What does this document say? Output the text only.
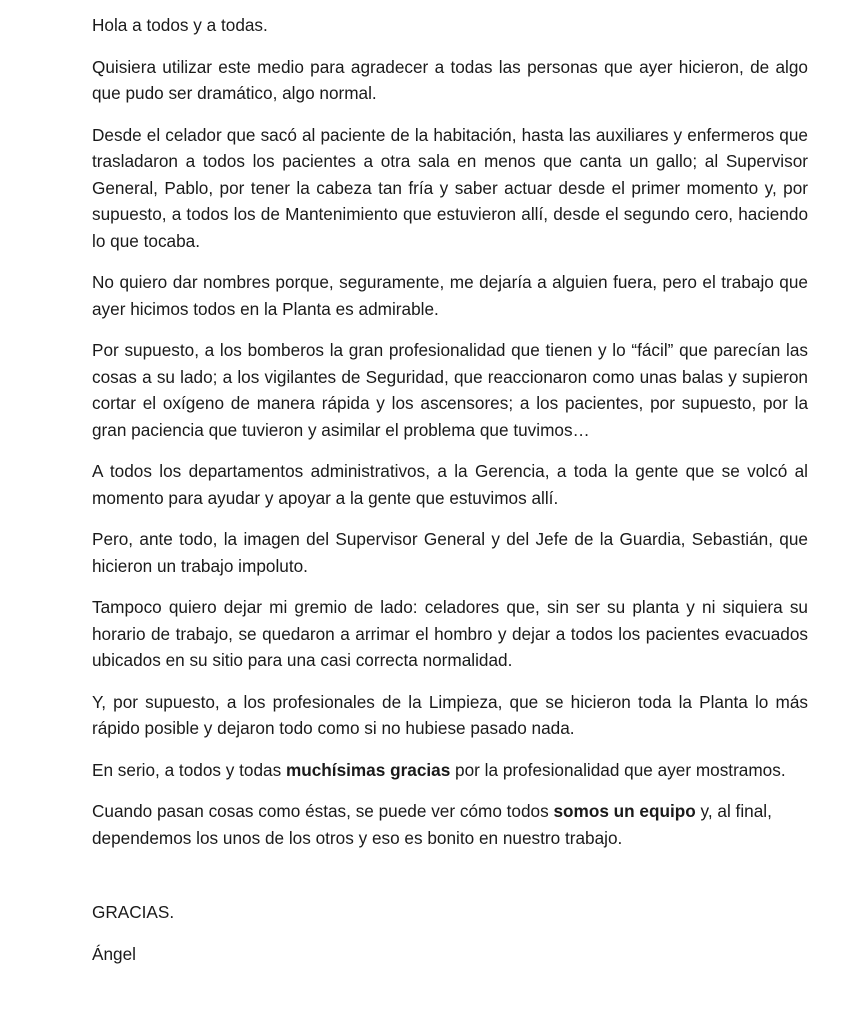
Hola a todos y a todas.

Quisiera utilizar este medio para agradecer a todas las personas que ayer hicieron, de algo que pudo ser dramático, algo normal.

Desde el celador que sacó al paciente de la habitación, hasta las auxiliares y enfermeros que trasladaron a todos los pacientes a otra sala en menos que canta un gallo; al Supervisor General, Pablo, por tener la cabeza tan fría y saber actuar desde el primer momento y, por supuesto, a todos los de Mantenimiento que estuvieron allí, desde el segundo cero, haciendo lo que tocaba.

No quiero dar nombres porque, seguramente, me dejaría a alguien fuera, pero el trabajo que ayer hicimos todos en la Planta es admirable.

Por supuesto, a los bomberos la gran profesionalidad que tienen y lo “fácil” que parecían las cosas a su lado; a los vigilantes de Seguridad, que reaccionaron como unas balas y supieron cortar el oxígeno de manera rápida y los ascensores; a los pacientes, por supuesto, por la gran paciencia que tuvieron y asimilar el problema que tuvimos…

A todos los departamentos administrativos, a la Gerencia, a toda la gente que se volcó al momento para ayudar y apoyar a la gente que estuvimos allí.

Pero, ante todo, la imagen del Supervisor General y del Jefe de la Guardia, Sebastián, que hicieron un trabajo impoluto.

Tampoco quiero dejar mi gremio de lado: celadores que, sin ser su planta y ni siquiera su horario de trabajo, se quedaron a arrimar el hombro y dejar a todos los pacientes evacuados ubicados en su sitio para una casi correcta normalidad.

Y, por supuesto, a los profesionales de la Limpieza, que se hicieron toda la Planta lo más rápido posible y dejaron todo como si no hubiese pasado nada.

En serio, a todos y todas muchísimas gracias por la profesionalidad que ayer mostramos.

Cuando pasan cosas como éstas, se puede ver cómo todos somos un equipo y, al final, dependemos los unos de los otros y eso es bonito en nuestro trabajo.

GRACIAS.

Ángel
